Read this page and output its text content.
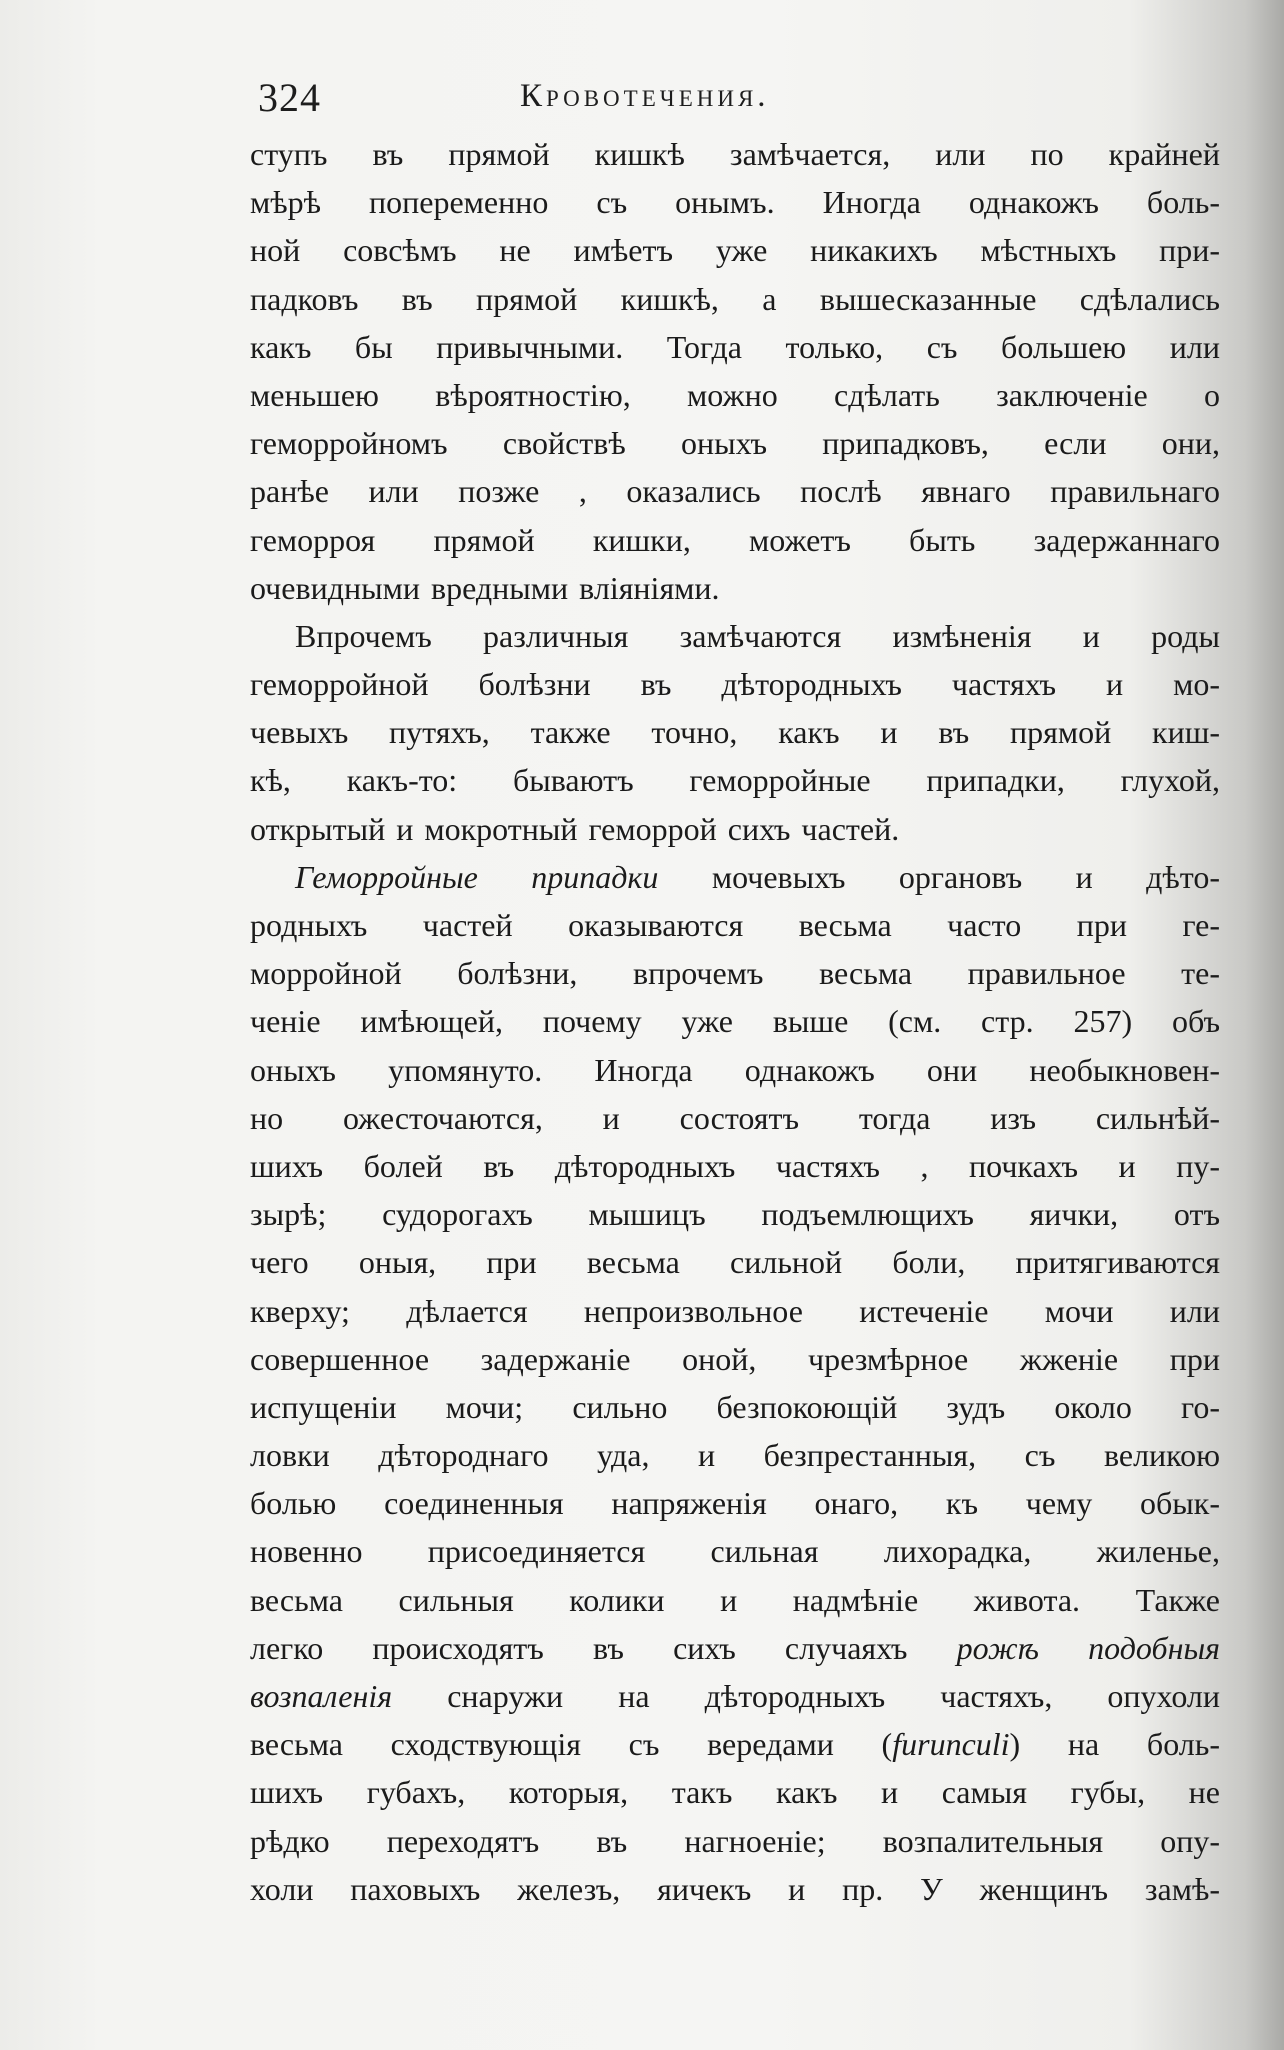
324	Кровотечения.
ступъ въ прямой кишкѣ замѣчается, или по крайней
мѣрѣ попеременно съ онымъ. Иногда однакожъ боль-
ной совсѣмъ не имѣетъ уже никакихъ мѣстныхъ при-
падковъ въ прямой кишкѣ, а вышесказанные сдѣлались
какъ бы привычными. Тогда только, съ большею или
меньшею вѣроятностiю, можно сдѣлать заключенiе о
геморройномъ свойствѣ оныхъ припадковъ, если они,
ранѣе или позже , оказались послѣ явнаго правильнаго
геморроя прямой кишки, можетъ быть задержаннаго
очевидными вредными влiянiями.
Впрочемъ различныя замѣчаются измѣненiя и роды
геморройной болѣзни въ дѣтородныхъ частяхъ и мо-
чевыхъ путяхъ, также точно, какъ и въ прямой киш-
кѣ, какъ-то: бываютъ геморройные припадки, глухой,
открытый и мокротный геморрой сихъ частей.
Геморройные припадки мочевыхъ органовъ и дѣто-
родныхъ частей оказываются весьма часто при ге-
морройной болѣзни, впрочемъ весьма правильное те-
ченiе имѣющей, почему уже выше (см. стр. 257) объ
оныхъ упомянуто. Иногда однакожъ они необыкновен-
но ожесточаются, и состоятъ тогда изъ сильнѣй-
шихъ болей въ дѣтородныхъ частяхъ , почкахъ и пу-
зырѣ; судорогахъ мышицъ подъемлющихъ яички, отъ
чего оныя, при весьма сильной боли, притягиваются
кверху; дѣлается непроизвольное истеченiе мочи или
совершенное задержанiе оной, чрезмѣрное жженiе при
испущенiи мочи; сильно безпокоющiй зудъ около го-
ловки дѣтороднаго уда, и безпрестанныя, съ великою
болью соединенныя напряженiя онаго, къ чему обык-
новенно присоединяется сильная лихорадка, жиленье,
весьма сильныя колики и надмѣнiе живота. Также
легко происходятъ въ сихъ случаяхъ рожѣ подобныя
возпаленiя снаружи на дѣтородныхъ частяхъ, опухоли
весьма сходствующiя съ вередами (furunculi) на боль-
шихъ губахъ, которыя, такъ какъ и самыя губы, не
рѣдко переходятъ въ нагноенiе; возпалительныя опу-
холи паховыхъ железъ, яичекъ и пр. У женщинъ замѣ-
